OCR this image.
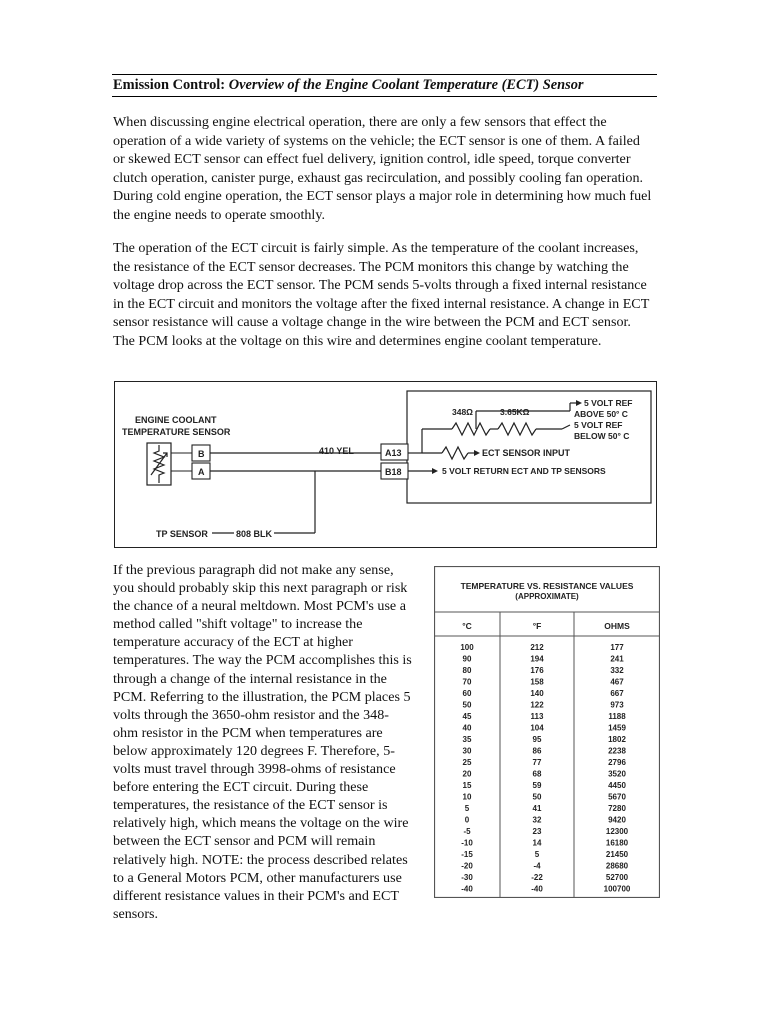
Emission Control: Overview of the Engine Coolant Temperature (ECT) Sensor

When discussing engine electrical operation, there are only a few sensors that effect the operation of a wide variety of systems on the vehicle; the ECT sensor is one of them. A failed or skewed ECT sensor can effect fuel delivery, ignition control, idle speed, torque converter clutch operation, canister purge, exhaust gas recirculation, and possibly cooling fan operation. During cold engine operation, the ECT sensor plays a major role in determining how much fuel the engine needs to operate smoothly.

The operation of the ECT circuit is fairly simple. As the temperature of the coolant increases, the resistance of the ECT sensor decreases. The PCM monitors this change by watching the voltage drop across the ECT sensor. The PCM sends 5-volts through a fixed internal resistance in the ECT circuit and monitors the voltage after the fixed internal resistance. A change in ECT sensor resistance will cause a voltage change in the wire between the PCM and ECT sensor. The PCM looks at the voltage on this wire and determines engine coolant temperature.

ENGINE COOLANT
TEMPERATURE SENSOR
B
A
410 YEL	A13
B18
348Ω	3.65KΩ
5 VOLT REF
ABOVE 50° C
5 VOLT REF
BELOW 50° C
ECT SENSOR INPUT
5 VOLT RETURN ECT AND TP SENSORS
TP SENSOR	808 BLK

If the previous paragraph did not make any sense, you should probably skip this next paragraph or risk the chance of a neural meltdown. Most PCM's use a method called "shift voltage" to increase the temperature accuracy of the ECT at higher temperatures. The way the PCM accomplishes this is through a change of the internal resistance in the PCM. Referring to the illustration, the PCM places 5 volts through the 3650-ohm resistor and the 348-ohm resistor in the PCM when temperatures are below approximately 120 degrees F. Therefore, 5-volts must travel through 3998-ohms of resistance before entering the ECT circuit. During these temperatures, the resistance of the ECT sensor is relatively high, which means the voltage on the wire between the ECT sensor and PCM will remain relatively high. NOTE: the process described relates to a General Motors PCM, other manufacturers use different resistance values in their PCM's and ECT sensors.

TEMPERATURE VS. RESISTANCE VALUES
(APPROXIMATE)
°C	°F	OHMS
100	212	177
90	194	241
80	176	332
70	158	467
60	140	667
50	122	973
45	113	1188
40	104	1459
35	95	1802
30	86	2238
25	77	2796
20	68	3520
15	59	4450
10	50	5670
5	41	7280
0	32	9420
-5	23	12300
-10	14	16180
-15	5	21450
-20	-4	28680
-30	-22	52700
-40	-40	100700
